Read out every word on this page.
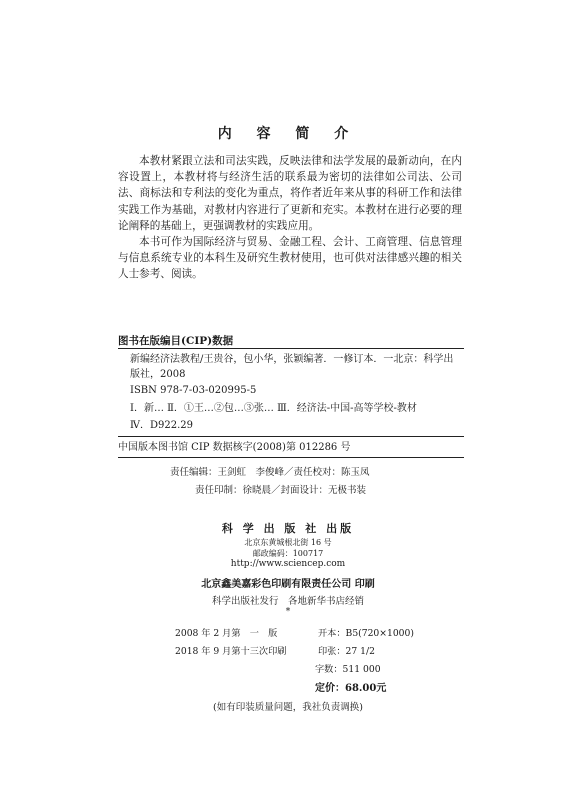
内 容 简 介

本教材紧跟立法和司法实践，反映法律和法学发展的最新动向，在内容设置上，本教材将与经济生活的联系最为密切的法律如公司法、公司法、商标法和专利法的变化为重点，将作者近年来从事的科研工作和法律实践工作为基础，对教材内容进行了更新和充实。本教材在进行必要的理论阐释的基础上，更强调教材的实践应用。

本书可作为国际经济与贸易、金融工程、会计、工商管理、信息管理与信息系统专业的本科生及研究生教材使用，也可供对法律感兴趣的相关人士参考、阅读。

图书在版编目(CIP)数据
新编经济法教程/王贵谷，包小华，张颖编著．一修订本．一北京：科学出
版社，2008
ISBN 978-7-03-020995-5
Ⅰ．新… Ⅱ．①王…②包…③张… Ⅲ．经济法-中国-高等学校-教材
Ⅳ．D922.29
中国版本图书馆 CIP 数据核字(2008)第 012286 号
责任编辑：王剑虹　李俊峰／责任校对：陈玉凤
责任印制：徐晓晨／封面设计：无极书装
科 学 出 版 社 出版
北京东黄城根北街 16 号
邮政编码：100717
http://www.sciencep.com
北京鑫美嘉彩色印刷有限责任公司 印刷
科学出版社发行　各地新华书店经销
*
2008 年 2 月第　一　版	开本：B5(720×1000)
2018 年 9 月第十三次印刷	印张：27 1/2
字数：511 000
定价：68.00元
(如有印装质量问题，我社负责调换)
